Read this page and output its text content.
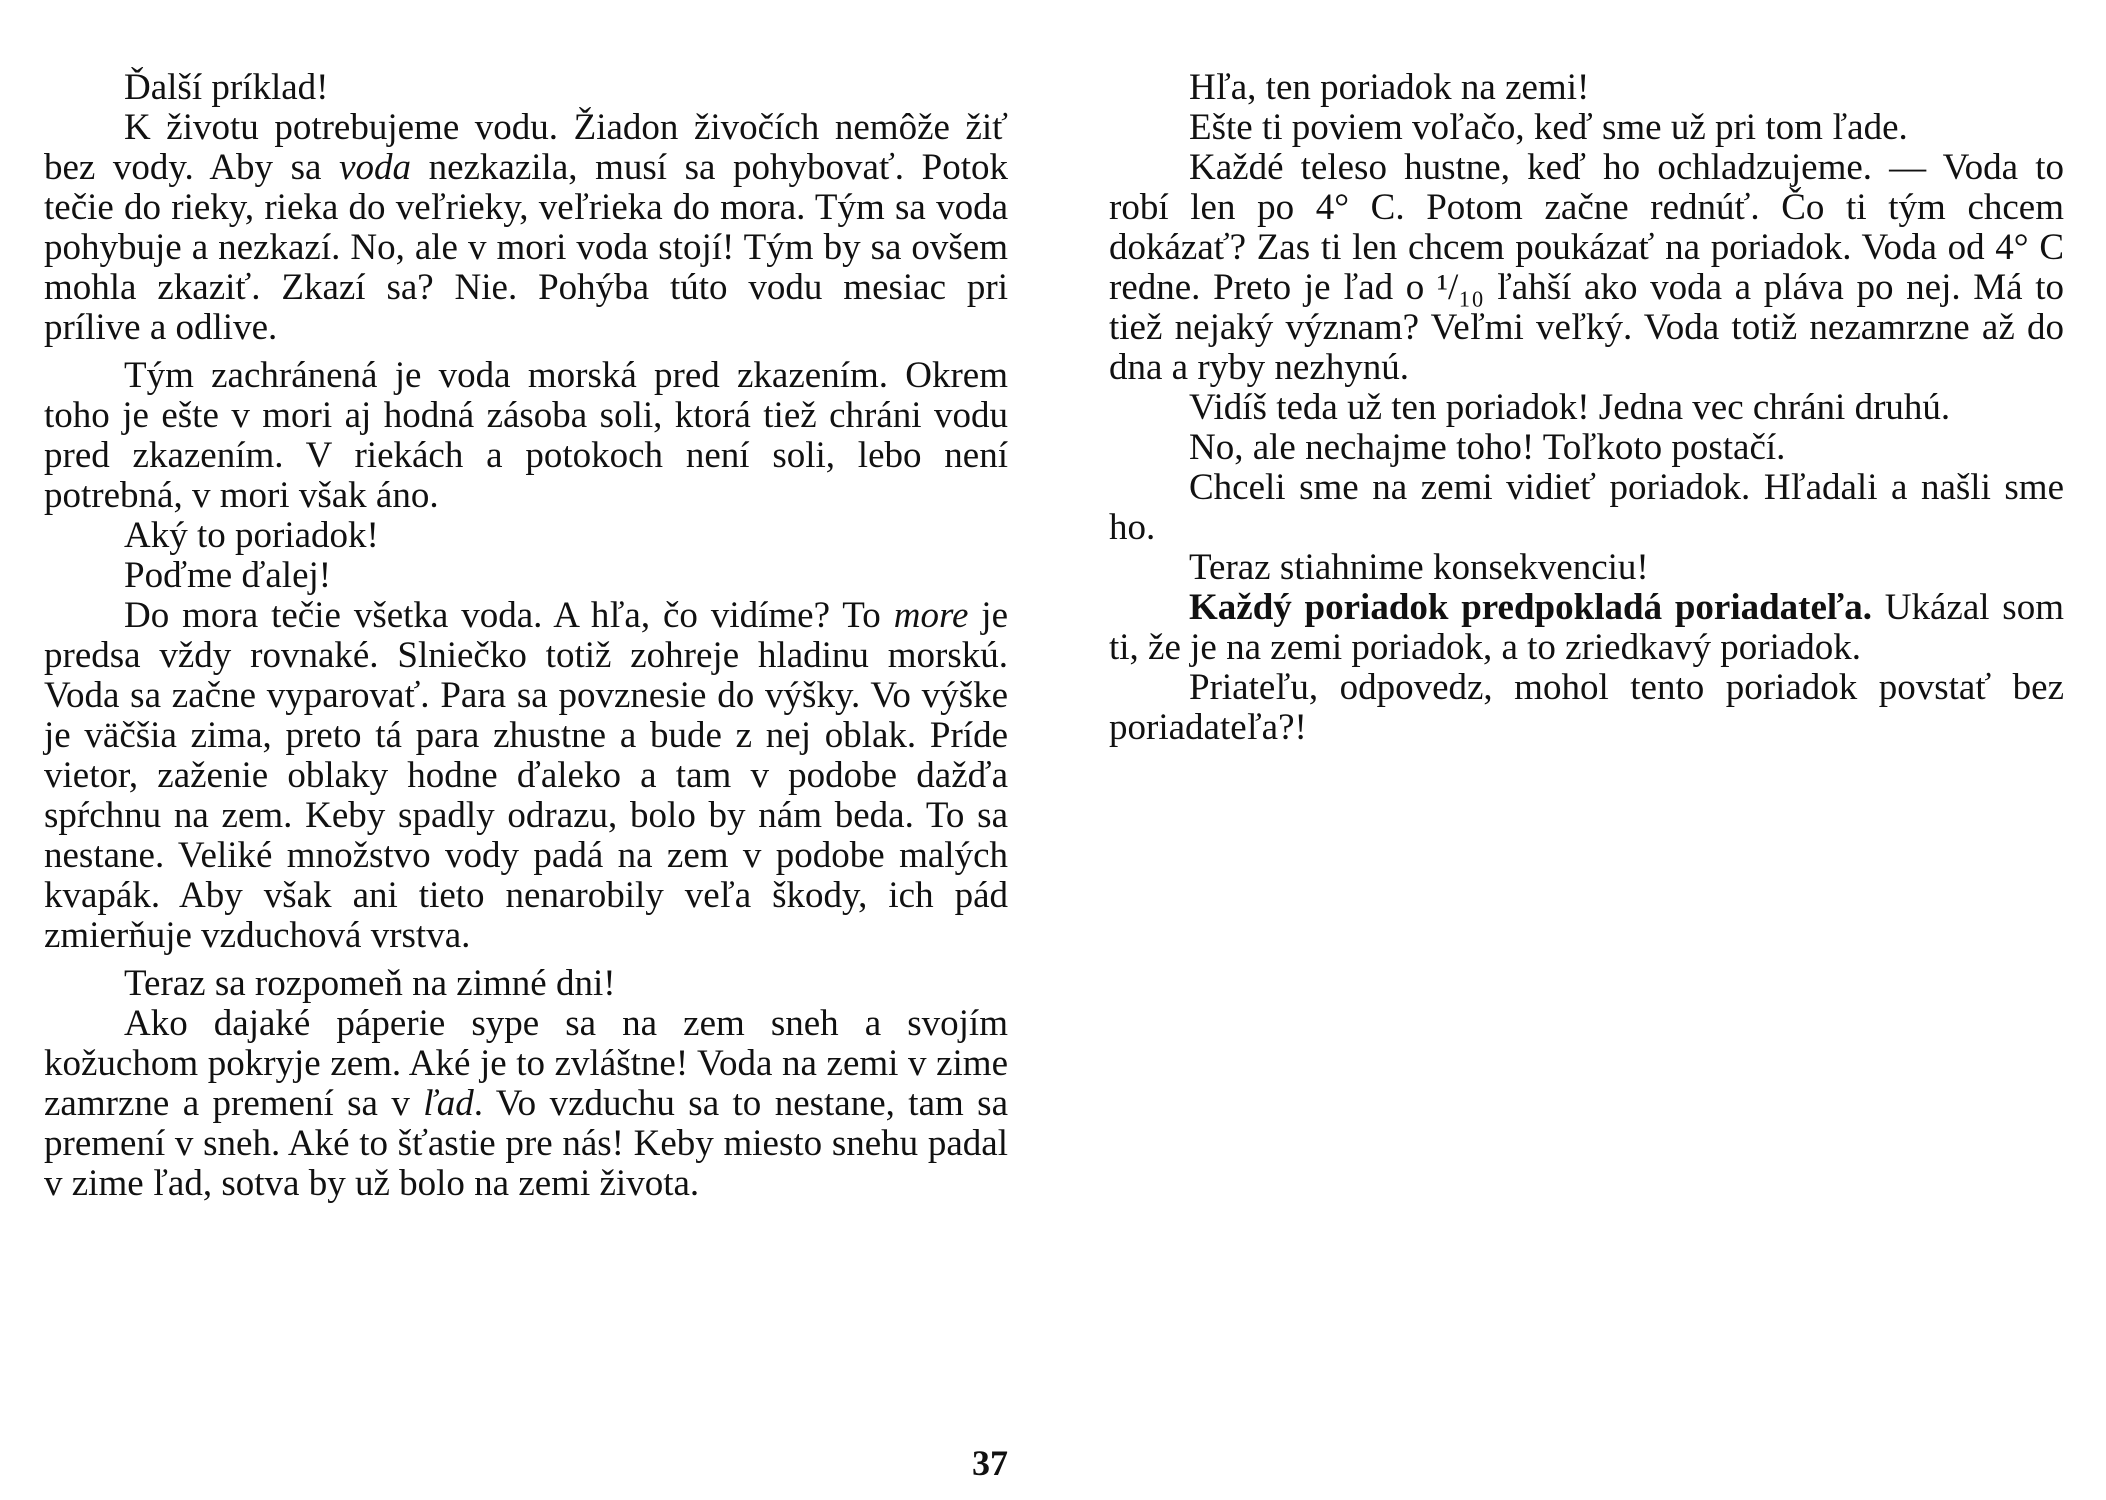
Ďalší príklad!

K životu potrebujeme vodu. Žiadon živočích nemôže žiť bez vody. Aby sa voda nezkazila, musí sa pohybovať. Potok tečie do rieky, rieka do veľrieky, veľrieka do mora. Tým sa voda pohybuje a nezkazí. No, ale v mori voda stojí! Tým by sa ovšem mohla zkaziť. Zkazí sa? Nie. Pohýba túto vodu mesiac pri prílive a odlive.

Tým zachránená je voda morská pred zkazením. Okrem toho je ešte v mori aj hodná zásoba soli, ktorá tiež chráni vodu pred zkazením. V riekách a potokoch není soli, lebo není potrebná, v mori však áno.

Aký to poriadok!

Poďme ďalej!

Do mora tečie všetka voda. A hľa, čo vidíme? To more je predsa vždy rovnaké. Slniečko totiž zohreje hladinu morskú. Voda sa začne vyparovať. Para sa povznesie do výšky. Vo výške je väčšia zima, preto tá para zhustne a bude z nej oblak. Príde vietor, zaženie oblaky hodne ďaleko a tam v podobe dažďa spŕchnu na zem. Keby spadly odrazu, bolo by nám beda. To sa nestane. Veliké množstvo vody padá na zem v podobe malých kvapák. Aby však ani tieto nenarobily veľa škody, ich pád zmierňuje vzduchová vrstva.

Teraz sa rozpomeň na zimné dni!

Ako dajaké páperie sype sa na zem sneh a svojím kožuchom pokryje zem. Aké je to zvláštne! Voda na zemi v zime zamrzne a premení sa v ľad. Vo vzduchu sa to nestane, tam sa premení v sneh. Aké to šťastie pre nás! Keby miesto snehu padal v zime ľad, sotva by už bolo na zemi života.

Hľa, ten poriadok na zemi!

Ešte ti poviem voľačo, keď sme už pri tom ľade.

Každé teleso hustne, keď ho ochladzujeme. — Voda to robí len po 4° C. Potom začne rednúť. Čo ti tým chcem dokázať? Zas ti len chcem poukázať na poriadok. Voda od 4° C redne. Preto je ľad o ¹/₁₀ ľahší ako voda a pláva po nej. Má to tiež nejaký význam? Veľmi veľký. Voda totiž nezamrzne až do dna a ryby nezhynú.

Vidíš teda už ten poriadok! Jedna vec chráni druhú.

No, ale nechajme toho! Toľkoto postačí.

Chceli sme na zemi vidieť poriadok. Hľadali a našli sme ho.

Teraz stiahnime konsekvenciu!

Každý poriadok predpokladá poriadateľa. Ukázal som ti, že je na zemi poriadok, a to zriedkavý poriadok.

Priateľu, odpovedz, mohol tento poriadok povstať bez poriadateľa?!

37
